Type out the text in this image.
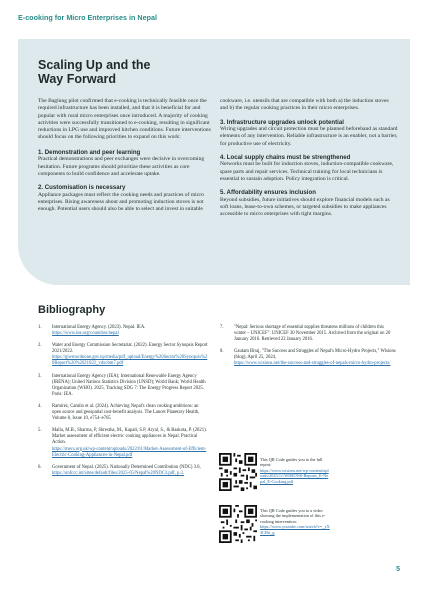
E-cooking for Micro Enterprises in Nepal
Scaling Up and the
Way Forward

The Baglung pilot confirmed that e-cooking is technically feasible once the required infrastructure has been installed, and that it is beneficial for and popular with rural micro enterprises once introduced. A majority of cooking activities were successfully transitioned to e-cooking, resulting in significant reductions in LPG use and improved kitchen conditions. Future interventions should focus on the following priorities to expand on this work:

1. Demonstration and peer learning
Practical demonstrations and peer exchanges were decisive in overcoming hesitation. Future programs should prioritize these activities as core components to build confidence and accelerate uptake.
2. Customisation is necessary
Appliance packages must reflect the cooking needs and practices of micro enterprises. Rising awareness about and promoting induction stoves is not enough. Potential users should also be able to select and invest in suitable
cookware, i.e. utensils that are compatible with both a) the induction stoves and b) the regular cooking practices in their micro enterprises.
3. Infrastructure upgrades unlock potential
Wiring upgrades and circuit protection must be planned beforehand as standard elements of any intervention. Reliable infrastructure is an enabler, not a barrier, for productive use of electricity.
4. Local supply chains must be strengthened
Networks must be built for induction stoves, induction-compatible cookware, spare parts and repair services. Technical training for local technicians is essential to sustain adoption. Policy integration is critical.
5. Affordability ensures inclusion
Beyond subsidies, future initiatives should explore financial models such as soft loans, lease-to-own schemes, or targeted subsidies to make appliances accessible to micro enterprises with tight margins.
Bibliography
1.	International Energy Agency. (2023). Nepal. IEA.
https://www.iea.org/countries/nepal
2.	Water and Energy Commission Secretariat. (2022). Energy Sector Synopsis Report 2021/2022.
https://giwmscdnone.gov.np/media/pdf_upload/Energy%20Sector%20Synopsis%20Report%20%2021022_vdxcbm7.pdf
3.	International Energy Agency (IEA); International Renewable Energy Agency (IRENA); United Nations Statistics Division (UNSD); World Bank; World Health Organization (WHO). 2025. Tracking SDG 7: The Energy Progress Report 2025. Paris: IEA.
4.	Ramirez, Camilo et al. (2024). Achieving Nepal's clean cooking ambitions: an open source and geospatial cost-benefit analysis. The Lancet Planetary Health, Volume 8, Issue 10, e754–e765
5.	Malla, M.B., Sharma, P, Shrestha, M., Kapali, S.P, Aryal, S., & Baskota, P. (2021). Market assessment of efficient electric cooking appliances in Nepal. Practical Action.
https://mecs.org.uk/wp-content/uploads/2022/01/Market-Assessment-of-Efficient-Electric-Cooking-Appliances-in-Nepal.pdf
6.	Government of Nepal. (2025). Nationally Determined Contribution (NDC) 3.0,
https://unfccc.int/sites/default/files/2025-05/Nepal%20NDC3.pdf, p.3.
7.	"Nepal: Serious shortage of essential supplies threatens millions of children this winter – UNICEF". UNICEF 30 November 2015. Archived from the original on 20 January 2016. Retrieved 22 January 2016.
8.	Gautam Biraj, "The Success and Struggles of Nepal's Micro-Hydro Projects," Wisions (blog), April 25, 2024,
https://www.wisions.net/the-success-and-struggles-of-nepals-micro-hydro-projects/
This QR Code guides you to the full report:
https://www.wisions.net/wp-content/uploads/2025/11/WISIONS-Reports_E-Nepal_E-Cooking.pdf
This QR Code guides you to a video showing the implementation of this e-cooking intervention:
https://www.youtube.com/watch?v=_yX3CBtt_g
5
